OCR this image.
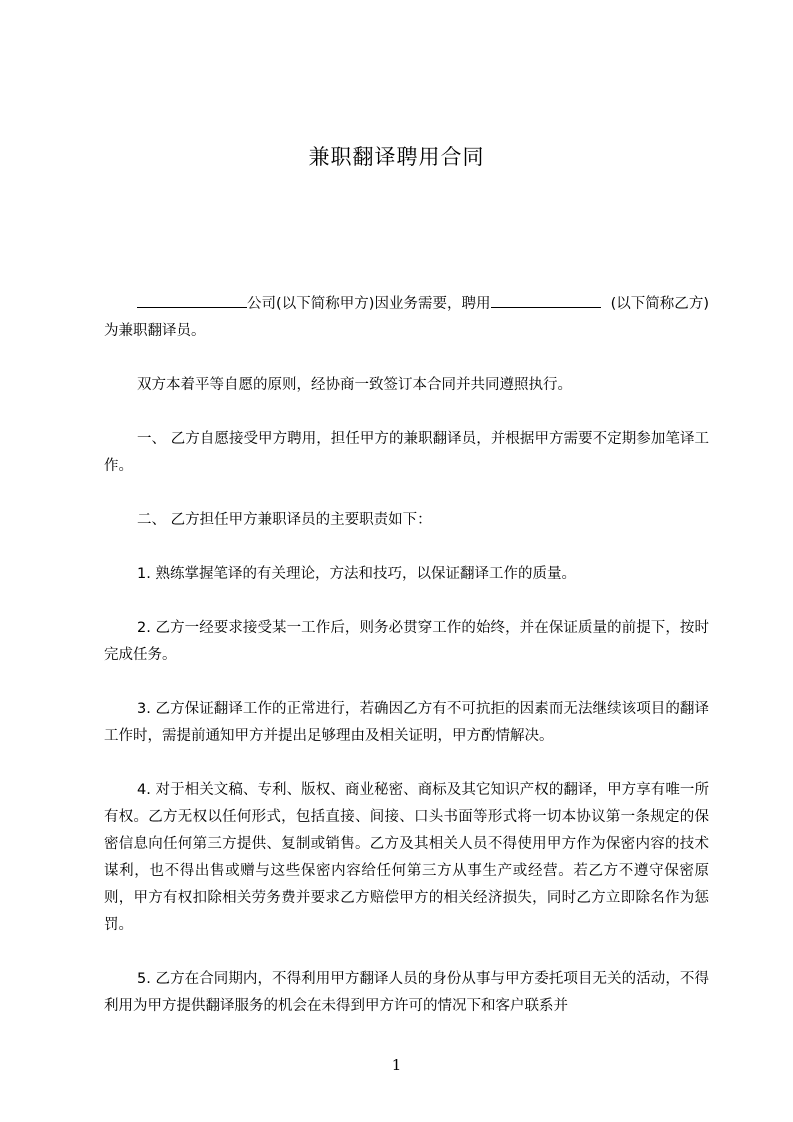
兼职翻译聘用合同

公司(以下简称甲方)因业务需要，聘用	(以下简称乙方)为兼职翻译员。

双方本着平等自愿的原则，经协商一致签订本合同并共同遵照执行。

一、 乙方自愿接受甲方聘用，担任甲方的兼职翻译员，并根据甲方需要不定期参加笔译工作。

二、 乙方担任甲方兼职译员的主要职责如下：

1. 熟练掌握笔译的有关理论，方法和技巧，以保证翻译工作的质量。

2. 乙方一经要求接受某一工作后，则务必贯穿工作的始终，并在保证质量的前提下，按时完成任务。

3. 乙方保证翻译工作的正常进行，若确因乙方有不可抗拒的因素而无法继续该项目的翻译工作时，需提前通知甲方并提出足够理由及相关证明，甲方酌情解决。

4. 对于相关文稿、专利、版权、商业秘密、商标及其它知识产权的翻译，甲方享有唯一所有权。乙方无权以任何形式，包括直接、间接、口头书面等形式将一切本协议第一条规定的保密信息向任何第三方提供、复制或销售。乙方及其相关人员不得使用甲方作为保密内容的技术谋利，也不得出售或赠与这些保密内容给任何第三方从事生产或经营。若乙方不遵守保密原则，甲方有权扣除相关劳务费并要求乙方赔偿甲方的相关经济损失，同时乙方立即除名作为惩罚。

5. 乙方在合同期内，不得利用甲方翻译人员的身份从事与甲方委托项目无关的活动，不得利用为甲方提供翻译服务的机会在未得到甲方许可的情况下和客户联系并

1
